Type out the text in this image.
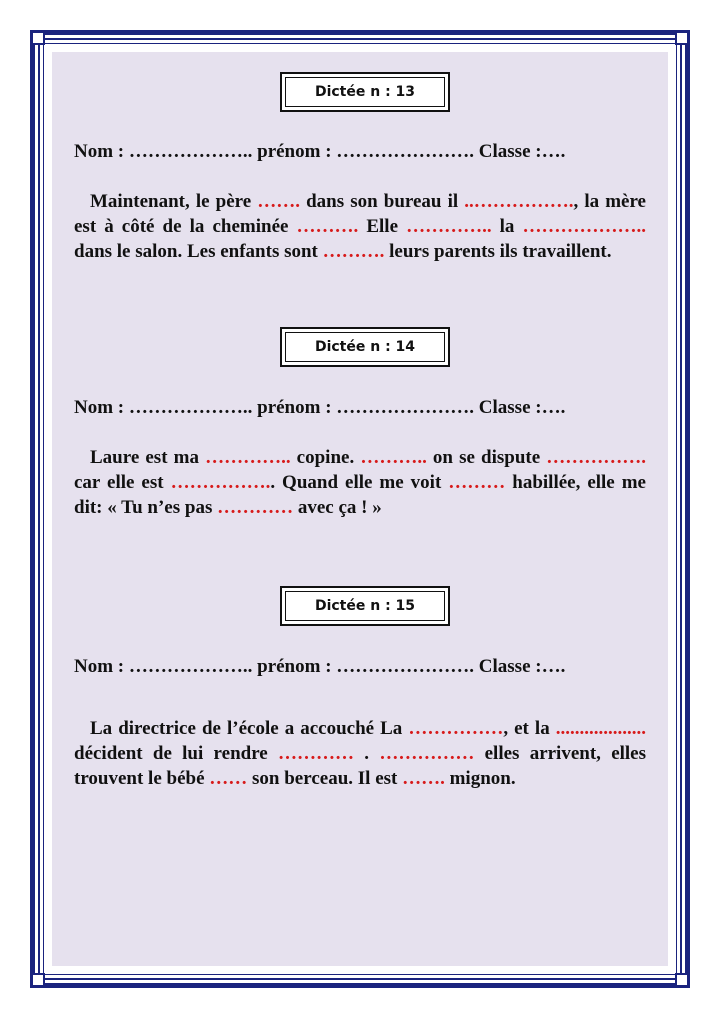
Dictée n : 13
Nom : ……………….. prénom : …………………. Classe :….
Maintenant, le père ……. dans son bureau il ..……………., la mère est à côté de la cheminée ………. Elle ………….. la ……………….. dans le salon. Les enfants sont ………. leurs parents ils travaillent.
Dictée n : 14
Nom : ……………….. prénom : …………………. Classe :….
Laure est ma ………….. copine. ……….. on se dispute ……………. car elle est …………….. Quand elle me voit ……… habillée, elle me dit: « Tu n’es pas ………… avec ça ! »
Dictée n : 15
Nom : ……………….. prénom : …………………. Classe :….
La directrice de l’école a accouché La ……………, et la ................... décident de lui rendre ………… . …………… elles arrivent, elles trouvent le bébé …… son berceau. Il est ……. mignon.
